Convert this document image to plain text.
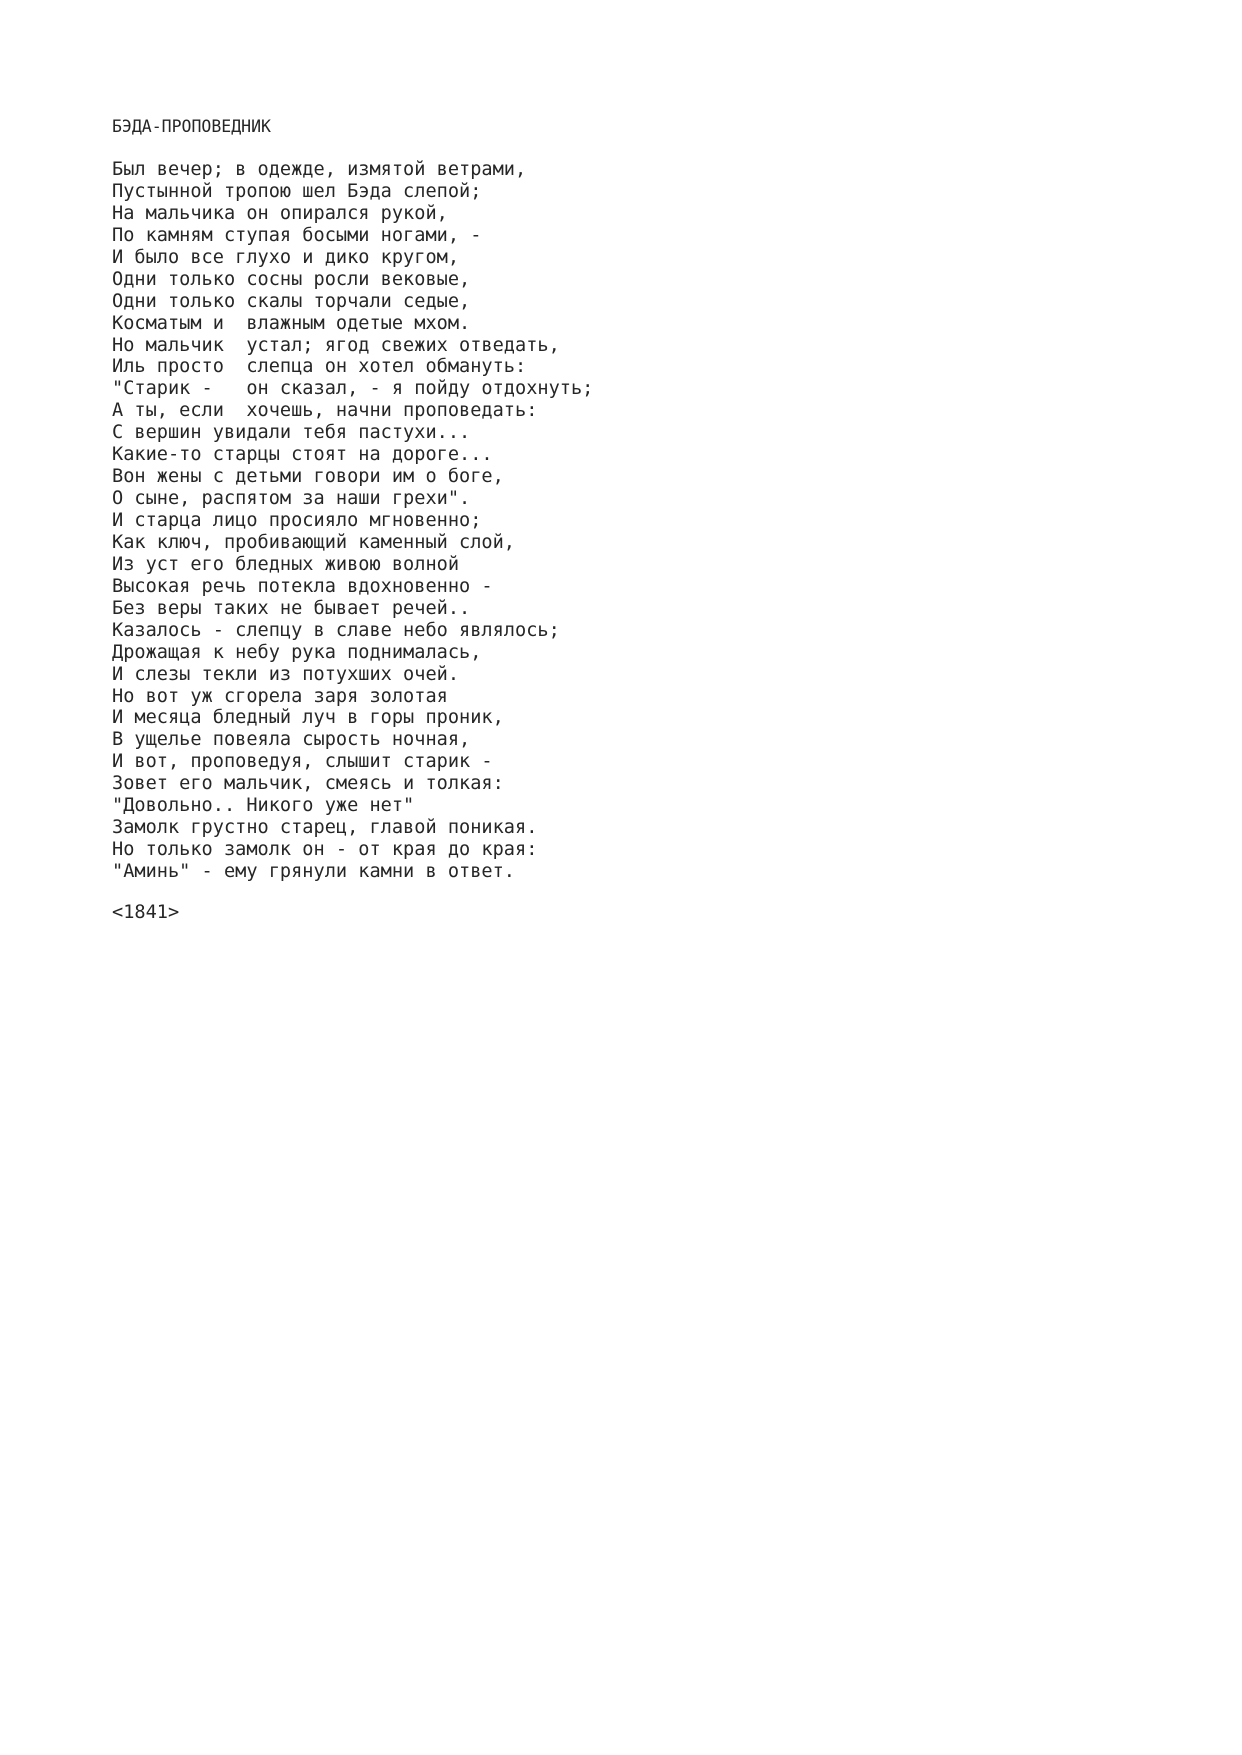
БЭДА-ПРОПОВЕДНИК
Был вечер; в одежде, измятой ветрами,
Пустынной тропою шел Бэда слепой;
На мальчика он опирался рукой,
По камням ступая босыми ногами, -
И было все глухо и дико кругом,
Одни только сосны росли вековые,
Одни только скалы торчали седые,
Косматым и  влажным одетые мхом.
Но мальчик  устал; ягод свежих отведать,
Иль просто  слепца он хотел обмануть:
"Старик -   он сказал, - я пойду отдохнуть;
А ты, если  хочешь, начни проповедать:
С вершин увидали тебя пастухи...
Какие-то старцы стоят на дороге...
Вон жены с детьми говори им о боге,
О сыне, распятом за наши грехи".
И старца лицо просияло мгновенно;
Как ключ, пробивающий каменный слой,
Из уст его бледных живою волной
Высокая речь потекла вдохновенно -
Без веры таких не бывает речей..
Казалось - слепцу в славе небо являлось;
Дрожащая к небу рука поднималась,
И слезы текли из потухших очей.
Но вот уж сгорела заря золотая
И месяца бледный луч в горы проник,
В ущелье повеяла сырость ночная,
И вот, проповедуя, слышит старик -
Зовет его мальчик, смеясь и толкая:
"Довольно.. Никого уже нет"
Замолк грустно старец, главой поникая.
Но только замолк он - от края до края:
"Аминь" - ему грянули камни в ответ.

<1841>
